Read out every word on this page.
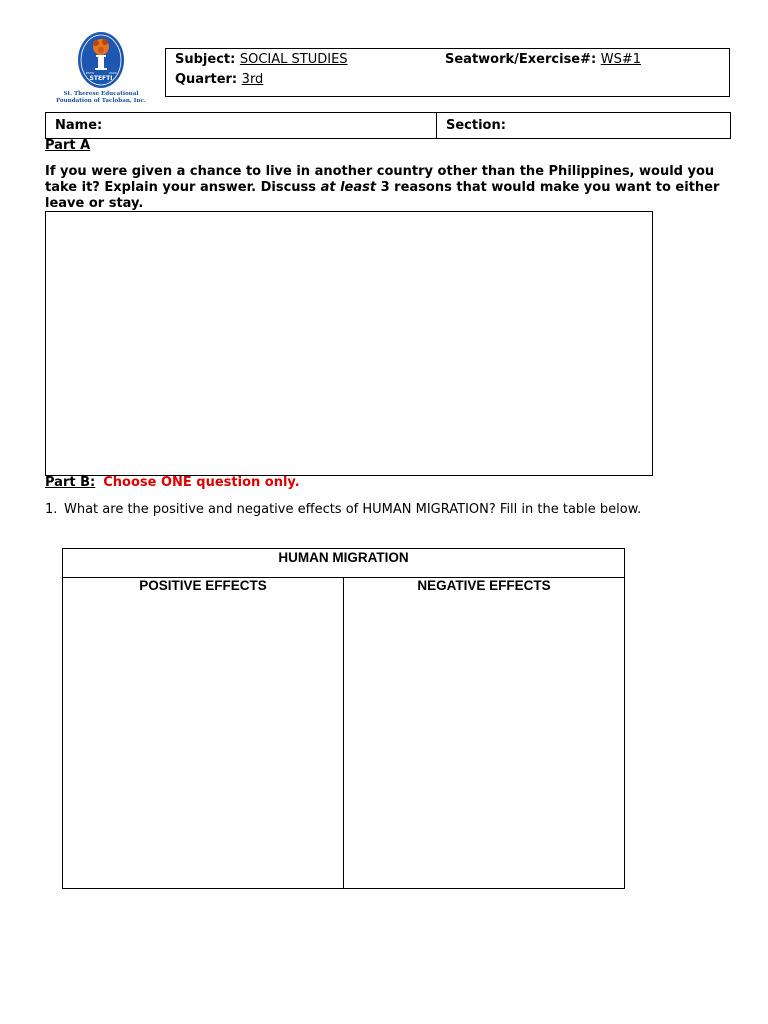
ESTD	2000
STEFTI
St. Therese Educational
Foundation of Tacloban, Inc.
Subject: SOCIAL STUDIES	Seatwork/Exercise#: WS#1
Quarter: 3rd
Name:	Section:
Part A
If you were given a chance to live in another country other than the Philippines, would you take it? Explain your answer. Discuss at least 3 reasons that would make you want to either leave or stay.
Part B: Choose ONE question only.
1. What are the positive and negative effects of HUMAN MIGRATION? Fill in the table below.
HUMAN MIGRATION
POSITIVE EFFECTS	NEGATIVE EFFECTS
